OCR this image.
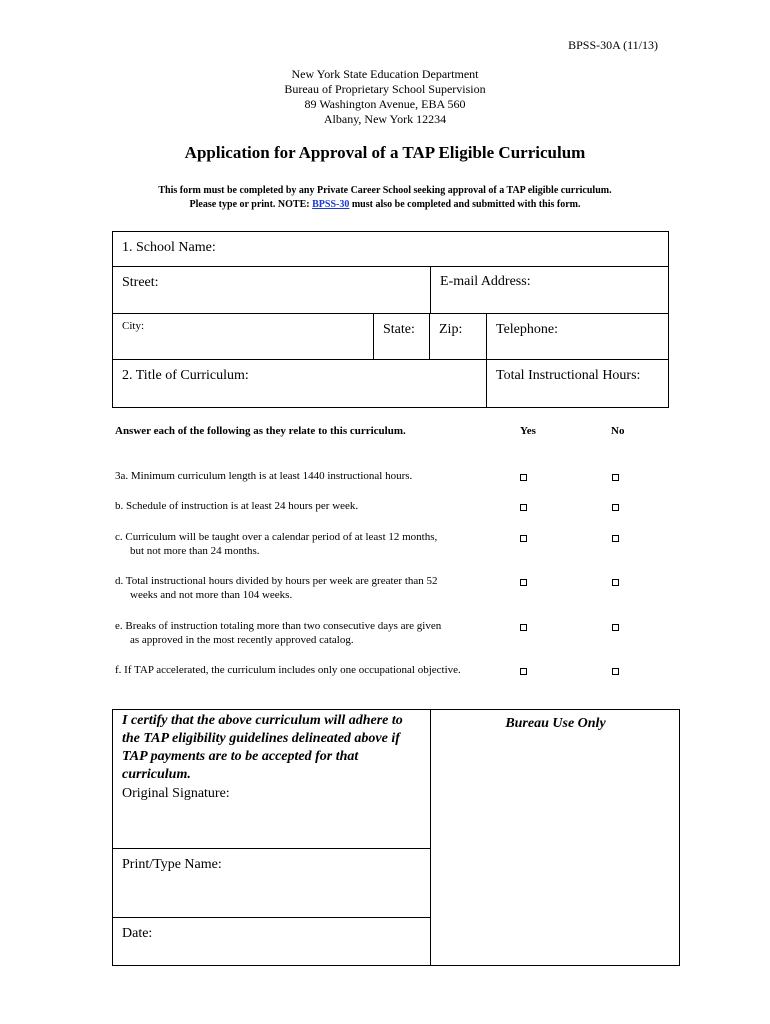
BPSS-30A (11/13)
New York State Education Department
Bureau of Proprietary School Supervision
89 Washington Avenue, EBA 560
Albany, New York 12234
Application for Approval of a TAP Eligible Curriculum
This form must be completed by any Private Career School seeking approval of a TAP eligible curriculum.
Please type or print. NOTE: BPSS-30 must also be completed and submitted with this form.
1. School Name:
Street:	E-mail Address:
City:	State: Zip: Telephone:
2. Title of Curriculum:	Total Instructional Hours:
Answer each of the following as they relate to this curriculum.	Yes	No
3a. Minimum curriculum length is at least 1440 instructional hours.
b. Schedule of instruction is at least 24 hours per week.
c. Curriculum will be taught over a calendar period of at least 12 months,
but not more than 24 months.
d. Total instructional hours divided by hours per week are greater than 52
weeks and not more than 104 weeks.
e. Breaks of instruction totaling more than two consecutive days are given
as approved in the most recently approved catalog.
f. If TAP accelerated, the curriculum includes only one occupational objective.
I certify that the above curriculum will adhere to the TAP eligibility guidelines delineated above if TAP payments are to be accepted for that curriculum.
Original Signature:
Print/Type Name:
Date:
Bureau Use Only
